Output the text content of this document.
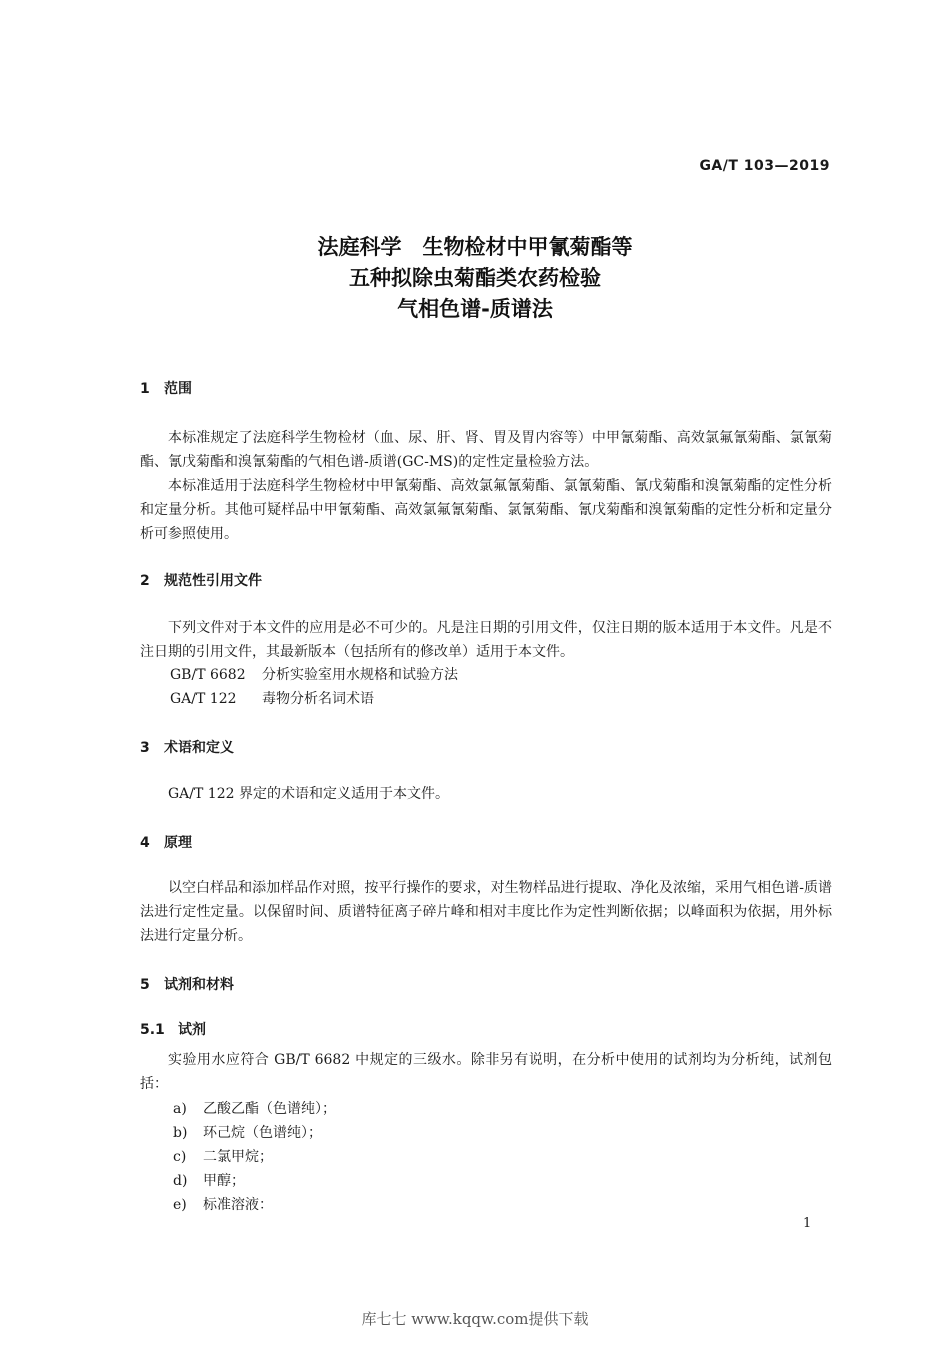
GA/T 103—2019
法庭科学　生物检材中甲氰菊酯等
五种拟除虫菊酯类农药检验
气相色谱-质谱法
1 范围

本标准规定了法庭科学生物检材（血、尿、肝、肾、胃及胃内容等）中甲氰菊酯、高效氯氟氰菊酯、氯氰菊酯、氰戊菊酯和溴氰菊酯的气相色谱-质谱(GC-MS)的定性定量检验方法。

本标准适用于法庭科学生物检材中甲氰菊酯、高效氯氟氰菊酯、氯氰菊酯、氰戊菊酯和溴氰菊酯的定性分析和定量分析。其他可疑样品中甲氰菊酯、高效氯氟氰菊酯、氯氰菊酯、氰戊菊酯和溴氰菊酯的定性分析和定量分析可参照使用。

2 规范性引用文件

下列文件对于本文件的应用是必不可少的。凡是注日期的引用文件，仅注日期的版本适用于本文件。凡是不注日期的引用文件，其最新版本（包括所有的修改单）适用于本文件。

GB/T 6682 分析实验室用水规格和试验方法
GA/T 122 毒物分析名词术语
3 术语和定义

GA/T 122 界定的术语和定义适用于本文件。

4 原理

以空白样品和添加样品作对照，按平行操作的要求，对生物样品进行提取、净化及浓缩，采用气相色谱-质谱法进行定性定量。以保留时间、质谱特征离子碎片峰和相对丰度比作为定性判断依据；以峰面积为依据，用外标法进行定量分析。

5 试剂和材料
5.1 试剂

实验用水应符合 GB/T 6682 中规定的三级水。除非另有说明，在分析中使用的试剂均为分析纯，试剂包括：

a) 乙酸乙酯（色谱纯）；
b) 环己烷（色谱纯）；
c) 二氯甲烷；
d) 甲醇；
e) 标准溶液：
1
库七七 www.kqqw.com提供下载
